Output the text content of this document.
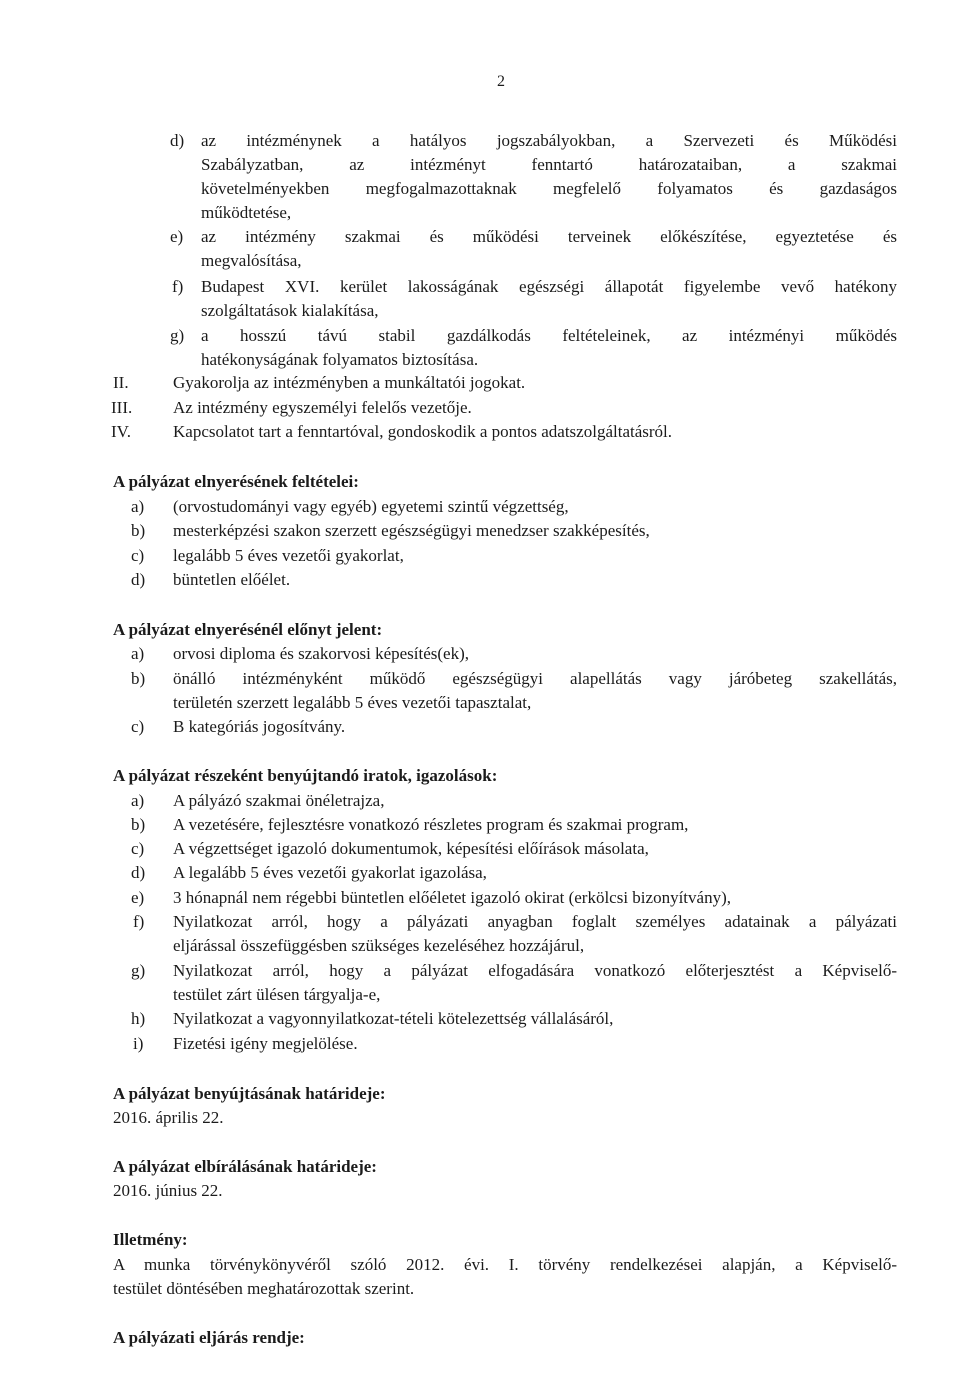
2
d) az intézménynek a hatályos jogszabályokban, a Szervezeti és Működési
Szabályzatban, az intézményt fenntartó határozataiban, a szakmai
követelményekben megfogalmazottaknak megfelelő folyamatos és gazdaságos
működtetése,
e) az intézmény szakmai és működési terveinek előkészítése, egyeztetése és
megvalósítása,
f) Budapest XVI. kerület lakosságának egészségi állapotát figyelembe vevő hatékony
szolgáltatások kialakítása,
g) a hosszú távú stabil gazdálkodás feltételeinek, az intézményi működés
hatékonyságának folyamatos biztosítása.
II.	Gyakorolja az intézményben a munkáltatói jogokat.
III. Az intézmény egyszemélyi felelős vezetője.
IV. Kapcsolatot tart a fenntartóval, gondoskodik a pontos adatszolgáltatásról.
A pályázat elnyerésének feltételei:
a) (orvostudományi vagy egyéb) egyetemi szintű végzettség,
b) mesterképzési szakon szerzett egészségügyi menedzser szakképesítés,
c) legalább 5 éves vezetői gyakorlat,
d) büntetlen előélet.
A pályázat elnyerésénél előnyt jelent:
a) orvosi diploma és szakorvosi képesítés(ek),
b) önálló intézményként működő egészségügyi alapellátás vagy járóbeteg szakellátás,
területén szerzett legalább 5 éves vezetői tapasztalat,
c) B kategóriás jogosítvány.
A pályázat részeként benyújtandó iratok, igazolások:
a) A pályázó szakmai önéletrajza,
b) A vezetésére, fejlesztésre vonatkozó részletes program és szakmai program,
c) A végzettséget igazoló dokumentumok, képesítési előírások másolata,
d) A legalább 5 éves vezetői gyakorlat igazolása,
e) 3 hónapnál nem régebbi büntetlen előéletet igazoló okirat (erkölcsi bizonyítvány),
f) Nyilatkozat arról, hogy a pályázati anyagban foglalt személyes adatainak a pályázati
eljárással összefüggésben szükséges kezeléséhez hozzájárul,
g) Nyilatkozat arról, hogy a pályázat elfogadására vonatkozó előterjesztést a Képviselő-
testület zárt ülésen tárgyalja-e,
h) Nyilatkozat a vagyonnyilatkozat-tételi kötelezettség vállalásáról,
i) Fizetési igény megjelölése.
A pályázat benyújtásának határideje:
2016. április 22.
A pályázat elbírálásának határideje:
2016. június 22.
Illetmény:
A munka törvénykönyvéről szóló 2012. évi. I. törvény rendelkezései alapján, a Képviselő-
testület döntésében meghatározottak szerint.
A pályázati eljárás rendje:
